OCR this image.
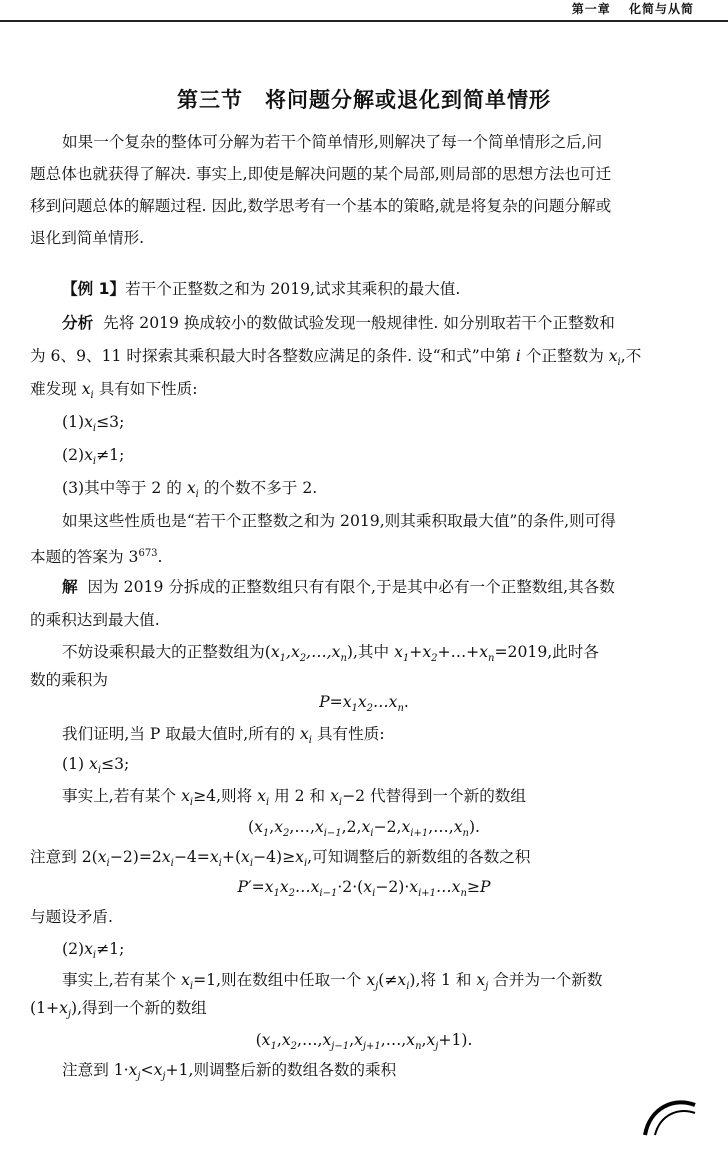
第一章　 化简与从简
第三节　将问题分解或退化到简单情形
如果一个复杂的整体可分解为若干个简单情形,则解决了每一个简单情形之后,问
题总体也就获得了解决. 事实上,即使是解决问题的某个局部,则局部的思想方法也可迁
移到问题总体的解题过程. 因此,数学思考有一个基本的策略,就是将复杂的问题分解或
退化到简单情形.
【例 1】若干个正整数之和为 2019,试求其乘积的最大值.
分析 先将 2019 换成较小的数做试验发现一般规律性. 如分别取若干个正整数和
为 6、9、11 时探索其乘积最大时各整数应满足的条件. 设“和式”中第 i 个正整数为 $x_i$,不
难发现 $x_i$ 具有如下性质:
$(1)x_i\le 3$;
$(2)x_i\ne 1$;
(3)其中等于 2 的 $x_i$ 的个数不多于 2.
如果这些性质也是“若干个正整数之和为 2019,则其乘积取最大值”的条件,则可得
本题的答案为 $3^{673}$.
解 因为 2019 分拆成的正整数组只有有限个,于是其中必有一个正整数组,其各数
的乘积达到最大值.
不妨设乘积最大的正整数组为$(x_1,x_2,\dots,x_n)$,其中 $x_1+x_2+\dots+x_n=2019$,此时各
数的乘积为
$P=x_1x_2\dots x_n$.
我们证明,当 P 取最大值时,所有的 $x_i$ 具有性质:
(1) $x_i\le 3$;
事实上,若有某个 $x_i\ge 4$,则将 $x_i$ 用 2 和 $x_i-2$ 代替得到一个新的数组
$(x_1,x_2,\dots,x_{i-1},2,x_i-2,x_{i+1},\dots,x_n)$.
注意到 $2(x_i-2)=2x_i-4=x_i+(x_i-4)\ge x_i$,可知调整后的新数组的各数之积
$P'=x_1x_2\dots x_{i-1}\cdot 2\cdot(x_i-2)\cdot x_{i+1}\dots x_n\ge P$
与题设矛盾.
$(2)x_i\ne 1$;
事实上,若有某个 $x_i=1$,则在数组中任取一个 $x_j(\ne x_i)$,将 1 和 $x_j$ 合并为一个新数
$(1+x_j)$,得到一个新的数组
$(x_1,x_2,\dots,x_{j-1},x_{j+1},\dots,x_n,x_j+1)$.
注意到 $1\cdot x_j<x_j+1$,则调整后新的数组各数的乘积
